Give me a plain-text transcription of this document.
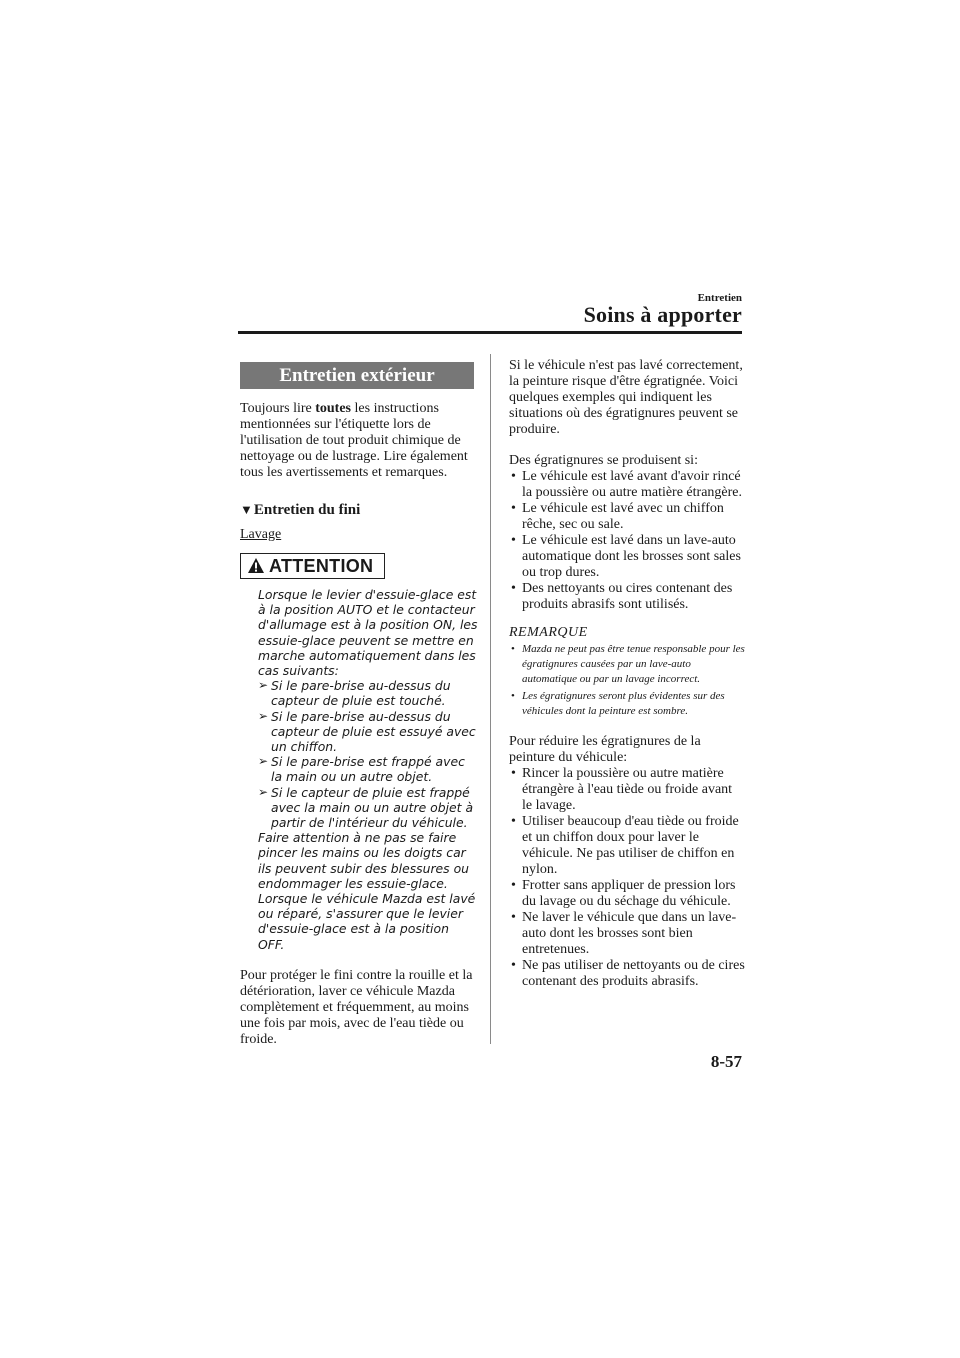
Entretien
Soins à apporter
Entretien extérieur

Toujours lire toutes les instructions mentionnées sur l'étiquette lors de l'utilisation de tout produit chimique de nettoyage ou de lustrage. Lire également tous les avertissements et remarques.

▼Entretien du fini
Lavage
ATTENTION
Lorsque le levier d'essuie-glace est à la position AUTO et le contacteur d'allumage est à la position ON, les essuie-glace peuvent se mettre en marche automatiquement dans les cas suivants:
➢ Si le pare-brise au-dessus du capteur de pluie est touché.
➢ Si le pare-brise au-dessus du capteur de pluie est essuyé avec un chiffon.
➢ Si le pare-brise est frappé avec la main ou un autre objet.
➢ Si le capteur de pluie est frappé avec la main ou un autre objet à partir de l'intérieur du véhicule.
Faire attention à ne pas se faire pincer les mains ou les doigts car ils peuvent subir des blessures ou endommager les essuie-glace. Lorsque le véhicule Mazda est lavé ou réparé, s'assurer que le levier d'essuie-glace est à la position OFF.

Pour protéger le fini contre la rouille et la détérioration, laver ce véhicule Mazda complètement et fréquemment, au moins une fois par mois, avec de l'eau tiède ou froide.

Si le véhicule n'est pas lavé correctement, la peinture risque d'être égratignée. Voici quelques exemples qui indiquent les situations où des égratignures peuvent se produire.

Des égratignures se produisent si:

• Le véhicule est lavé avant d'avoir rincé la poussière ou autre matière étrangère.
• Le véhicule est lavé avec un chiffon rêche, sec ou sale.
• Le véhicule est lavé dans un lave-auto automatique dont les brosses sont sales ou trop dures.
• Des nettoyants ou cires contenant des produits abrasifs sont utilisés.
REMARQUE
• Mazda ne peut pas être tenue responsable pour les égratignures causées par un lave-auto automatique ou par un lavage incorrect.
• Les égratignures seront plus évidentes sur des véhicules dont la peinture est sombre.

Pour réduire les égratignures de la peinture du véhicule:

• Rincer la poussière ou autre matière étrangère à l'eau tiède ou froide avant le lavage.
• Utiliser beaucoup d'eau tiède ou froide et un chiffon doux pour laver le véhicule. Ne pas utiliser de chiffon en nylon.
• Frotter sans appliquer de pression lors du lavage ou du séchage du véhicule.
• Ne laver le véhicule que dans un lave-auto dont les brosses sont bien entretenues.
• Ne pas utiliser de nettoyants ou de cires contenant des produits abrasifs.
8-57
